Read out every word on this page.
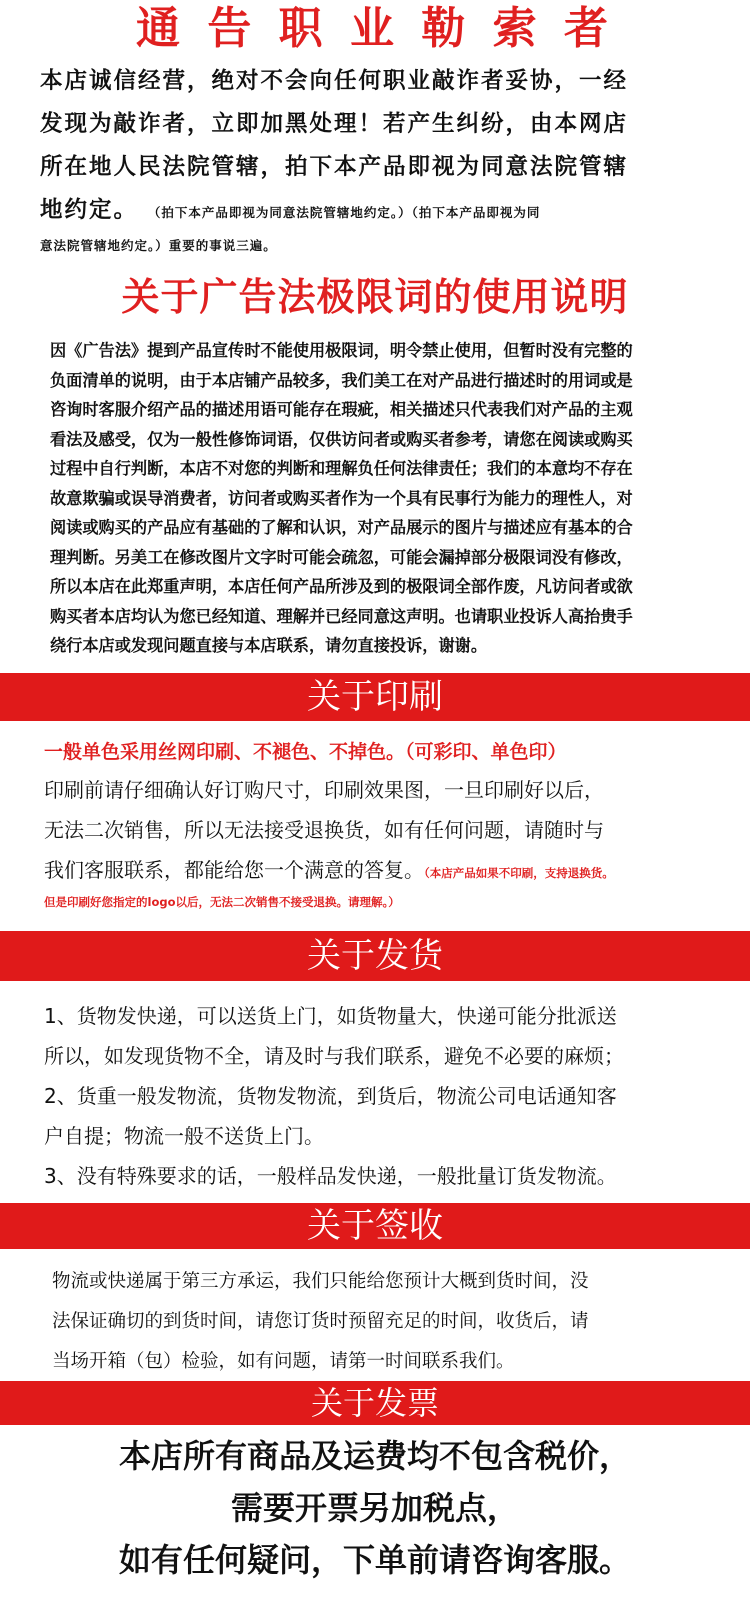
通 告 职 业 勒 索 者
本店诚信经营，绝对不会向任何职业敲诈者妥协，一经
发现为敲诈者，立即加黑处理！若产生纠纷，由本网店
所在地人民法院管辖，拍下本产品即视为同意法院管辖
地约定。 （拍下本产品即视为同意法院管辖地约定。）（拍下本产品即视为同
意法院管辖地约定。）重要的事说三遍。
关于广告法极限词的使用说明
因《广告法》提到产品宣传时不能使用极限词，明令禁止使用，但暂时没有完整的
负面清单的说明，由于本店铺产品较多，我们美工在对产品进行描述时的用词或是
咨询时客服介绍产品的描述用语可能存在瑕疵，相关描述只代表我们对产品的主观
看法及感受，仅为一般性修饰词语，仅供访问者或购买者参考，请您在阅读或购买
过程中自行判断，本店不对您的判断和理解负任何法律责任；我们的本意均不存在
故意欺骗或误导消费者，访问者或购买者作为一个具有民事行为能力的理性人，对
阅读或购买的产品应有基础的了解和认识，对产品展示的图片与描述应有基本的合
理判断。另美工在修改图片文字时可能会疏忽，可能会漏掉部分极限词没有修改，
所以本店在此郑重声明，本店任何产品所涉及到的极限词全部作废，凡访问者或欲
购买者本店均认为您已经知道、理解并已经同意这声明。也请职业投诉人高抬贵手
绕行本店或发现问题直接与本店联系，请勿直接投诉，谢谢。
关于印刷
一般单色采用丝网印刷、不褪色、不掉色。（可彩印、单色印）
印刷前请仔细确认好订购尺寸，印刷效果图，一旦印刷好以后，
无法二次销售，所以无法接受退换货，如有任何问题，请随时与
我们客服联系，都能给您一个满意的答复。（本店产品如果不印刷，支持退换货。
但是印刷好您指定的logo以后，无法二次销售不接受退换。请理解。）
关于发货
1、货物发快递，可以送货上门，如货物量大，快递可能分批派送
所以，如发现货物不全，请及时与我们联系，避免不必要的麻烦；
2、货重一般发物流，货物发物流，到货后，物流公司电话通知客
户自提；物流一般不送货上门。
3、没有特殊要求的话，一般样品发快递，一般批量订货发物流。
关于签收
物流或快递属于第三方承运，我们只能给您预计大概到货时间，没
法保证确切的到货时间，请您订货时预留充足的时间，收货后，请
当场开箱（包）检验，如有问题，请第一时间联系我们。
关于发票
本店所有商品及运费均不包含税价，
需要开票另加税点，
如有任何疑问，下单前请咨询客服。
